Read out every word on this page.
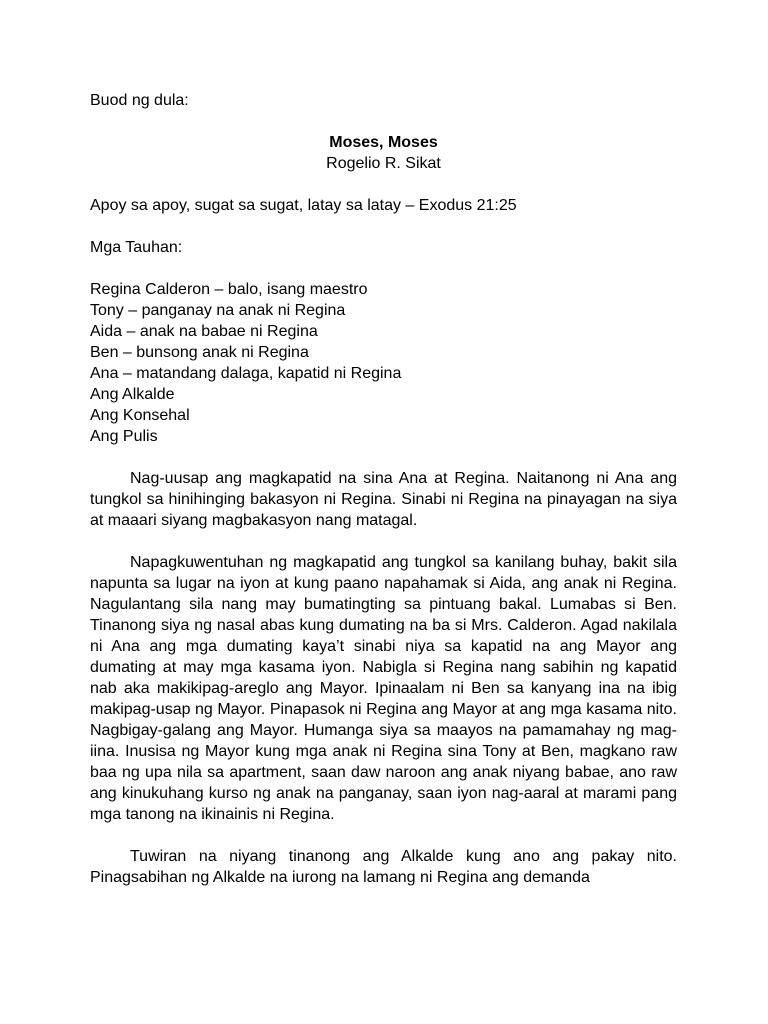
Buod ng dula:
Moses, Moses
Rogelio R. Sikat
Apoy sa apoy, sugat sa sugat, latay sa latay – Exodus 21:25
Mga Tauhan:
Regina Calderon – balo, isang maestro
Tony – panganay na anak ni Regina
Aida – anak na babae ni Regina
Ben – bunsong anak ni Regina
Ana – matandang dalaga, kapatid ni Regina
Ang Alkalde
Ang Konsehal
Ang Pulis

Nag-uusap ang magkapatid na sina Ana at Regina. Naitanong ni Ana ang tungkol sa hinihinging bakasyon ni Regina. Sinabi ni Regina na pinayagan na siya at maaari siyang magbakasyon nang matagal.

Napagkuwentuhan ng magkapatid ang tungkol sa kanilang buhay, bakit sila napunta sa lugar na iyon at kung paano napahamak si Aida, ang anak ni Regina. Nagulantang sila nang may bumatingting sa pintuang bakal. Lumabas si Ben. Tinanong siya ng nasal abas kung dumating na ba si Mrs. Calderon. Agad nakilala ni Ana ang mga dumating kaya’t sinabi niya sa kapatid na ang Mayor ang dumating at may mga kasama iyon. Nabigla si Regina nang sabihin ng kapatid nab aka makikipag-areglo ang Mayor. Ipinaalam ni Ben sa kanyang ina na ibig makipag-usap ng Mayor. Pinapasok ni Regina ang Mayor at ang mga kasama nito. Nagbigay-galang ang Mayor. Humanga siya sa maayos na pamamahay ng mag-iina. Inusisa ng Mayor kung mga anak ni Regina sina Tony at Ben, magkano raw baa ng upa nila sa apartment, saan daw naroon ang anak niyang babae, ano raw ang kinukuhang kurso ng anak na panganay, saan iyon nag-aaral at marami pang mga tanong na ikinainis ni Regina.

Tuwiran na niyang tinanong ang Alkalde kung ano ang pakay nito. Pinagsabihan ng Alkalde na iurong na lamang ni Regina ang demanda
